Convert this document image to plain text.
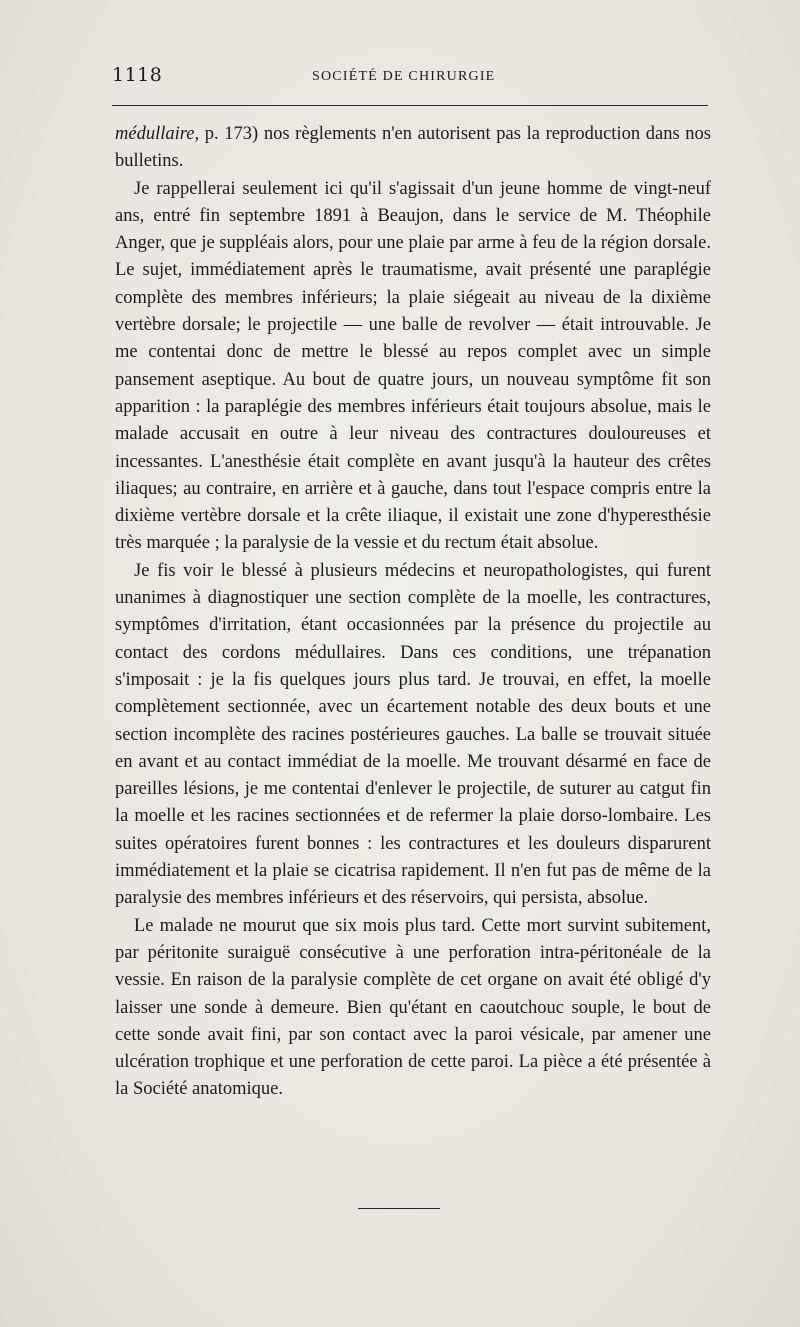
1118	SOCIÉTÉ DE CHIRURGIE

médullaire, p. 173) nos règlements n'en autorisent pas la reproduction dans nos bulletins.

Je rappellerai seulement ici qu'il s'agissait d'un jeune homme de vingt-neuf ans, entré fin septembre 1891 à Beaujon, dans le service de M. Théophile Anger, que je suppléais alors, pour une plaie par arme à feu de la région dorsale. Le sujet, immédiatement après le traumatisme, avait présenté une paraplégie complète des membres inférieurs; la plaie siégeait au niveau de la dixième vertèbre dorsale; le projectile — une balle de revolver — était introuvable. Je me contentai donc de mettre le blessé au repos complet avec un simple pansement aseptique. Au bout de quatre jours, un nouveau symptôme fit son apparition : la paraplégie des membres inférieurs était toujours absolue, mais le malade accusait en outre à leur niveau des contractures douloureuses et incessantes. L'anesthésie était complète en avant jusqu'à la hauteur des crêtes iliaques; au contraire, en arrière et à gauche, dans tout l'espace compris entre la dixième vertèbre dorsale et la crête iliaque, il existait une zone d'hyperesthésie très marquée ; la paralysie de la vessie et du rectum était absolue.

Je fis voir le blessé à plusieurs médecins et neuropathologistes, qui furent unanimes à diagnostiquer une section complète de la moelle, les contractures, symptômes d'irritation, étant occasionnées par la présence du projectile au contact des cordons médullaires. Dans ces conditions, une trépanation s'imposait : je la fis quelques jours plus tard. Je trouvai, en effet, la moelle complètement sectionnée, avec un écartement notable des deux bouts et une section incomplète des racines postérieures gauches. La balle se trouvait située en avant et au contact immédiat de la moelle. Me trouvant désarmé en face de pareilles lésions, je me contentai d'enlever le projectile, de suturer au catgut fin la moelle et les racines sectionnées et de refermer la plaie dorso-lombaire. Les suites opératoires furent bonnes : les contractures et les douleurs disparurent immédiatement et la plaie se cicatrisa rapidement. Il n'en fut pas de même de la paralysie des membres inférieurs et des réservoirs, qui persista, absolue.

Le malade ne mourut que six mois plus tard. Cette mort survint subitement, par péritonite suraiguë consécutive à une perforation intra-péritonéale de la vessie. En raison de la paralysie complète de cet organe on avait été obligé d'y laisser une sonde à demeure. Bien qu'étant en caoutchouc souple, le bout de cette sonde avait fini, par son contact avec la paroi vésicale, par amener une ulcération trophique et une perforation de cette paroi. La pièce a été présentée à la Société anatomique.
